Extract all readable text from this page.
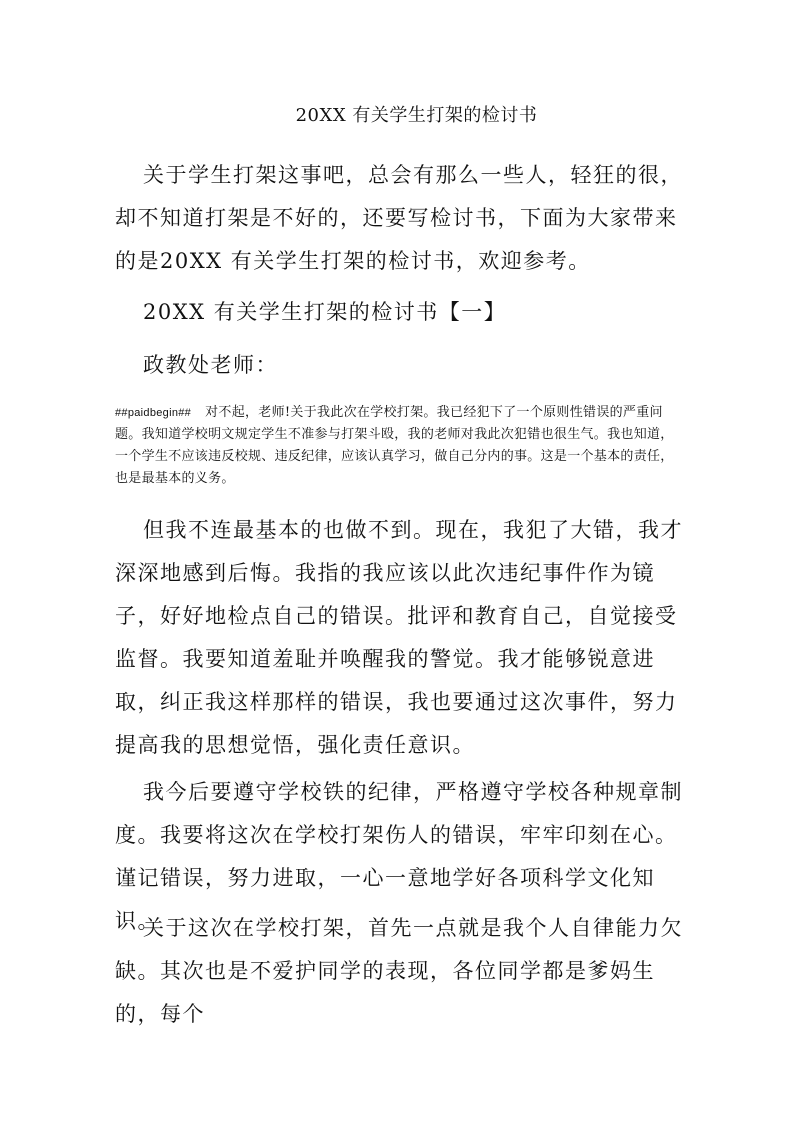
20XX 有关学生打架的检讨书

关于学生打架这事吧，总会有那么一些人，轻狂的很，却不知道打架是不好的，还要写检讨书，下面为大家带来的是20XX 有关学生打架的检讨书，欢迎参考。

20XX 有关学生打架的检讨书【一】

政教处老师：

##paidbegin## 对不起，老师!关于我此次在学校打架。我已经犯下了一个原则性错误的严重问题。我知道学校明文规定学生不准参与打架斗殴，我的老师对我此次犯错也很生气。我也知道，一个学生不应该违反校规、违反纪律，应该认真学习，做自己分内的事。这是一个基本的责任，也是最基本的义务。

但我不连最基本的也做不到。现在，我犯了大错，我才深深地感到后悔。我指的我应该以此次违纪事件作为镜子，好好地检点自己的错误。批评和教育自己，自觉接受监督。我要知道羞耻并唤醒我的警觉。我才能够锐意进取，纠正我这样那样的错误，我也要通过这次事件，努力提高我的思想觉悟，强化责任意识。

我今后要遵守学校铁的纪律，严格遵守学校各种规章制度。我要将这次在学校打架伤人的错误，牢牢印刻在心。谨记错误，努力进取，一心一意地学好各项科学文化知识。

关于这次在学校打架，首先一点就是我个人自律能力欠缺。其次也是不爱护同学的表现，各位同学都是爹妈生的，每个
